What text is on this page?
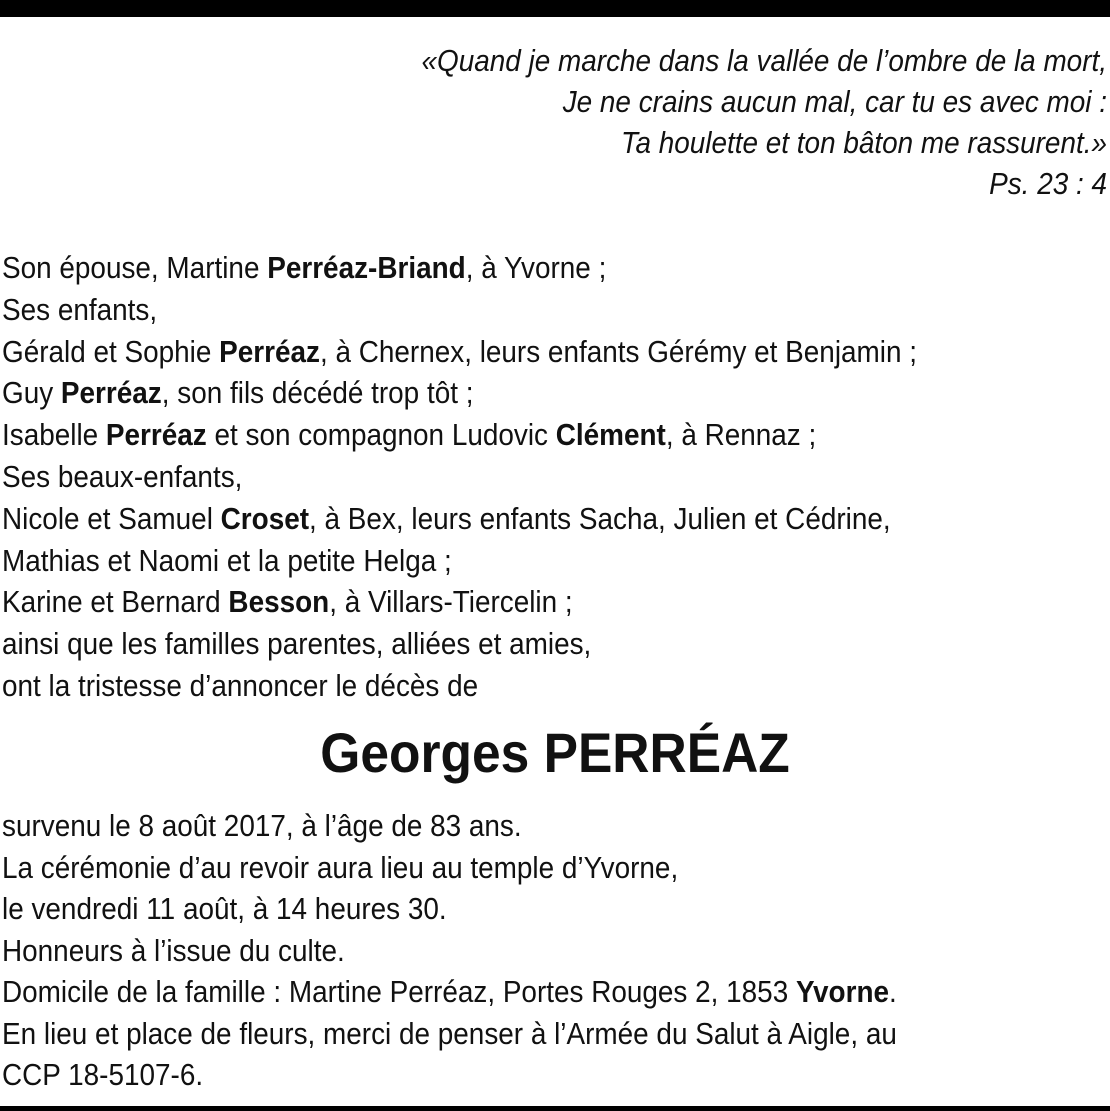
«Quand je marche dans la vallée de l’ombre de la mort,
Je ne crains aucun mal, car tu es avec moi :
Ta houlette et ton bâton me rassurent.»
Ps. 23 : 4
Son épouse, Martine Perréaz-Briand, à Yvorne ;
Ses enfants,
Gérald et Sophie Perréaz, à Chernex, leurs enfants Gérémy et Benjamin ;
Guy Perréaz, son fils décédé trop tôt ;
Isabelle Perréaz et son compagnon Ludovic Clément, à Rennaz ;
Ses beaux-enfants,
Nicole et Samuel Croset, à Bex, leurs enfants Sacha, Julien et Cédrine,
Mathias et Naomi et la petite Helga ;
Karine et Bernard Besson, à Villars-Tiercelin ;
ainsi que les familles parentes, alliées et amies,
ont la tristesse d’annoncer le décès de
Georges PERRÉAZ
survenu le 8 août 2017, à l’âge de 83 ans.
La cérémonie d’au revoir aura lieu au temple d’Yvorne,
le vendredi 11 août, à 14 heures 30.
Honneurs à l’issue du culte.
Domicile de la famille : Martine Perréaz, Portes Rouges 2, 1853 Yvorne.
En lieu et place de fleurs, merci de penser à l’Armée du Salut à Aigle, au
CCP 18-5107-6.
